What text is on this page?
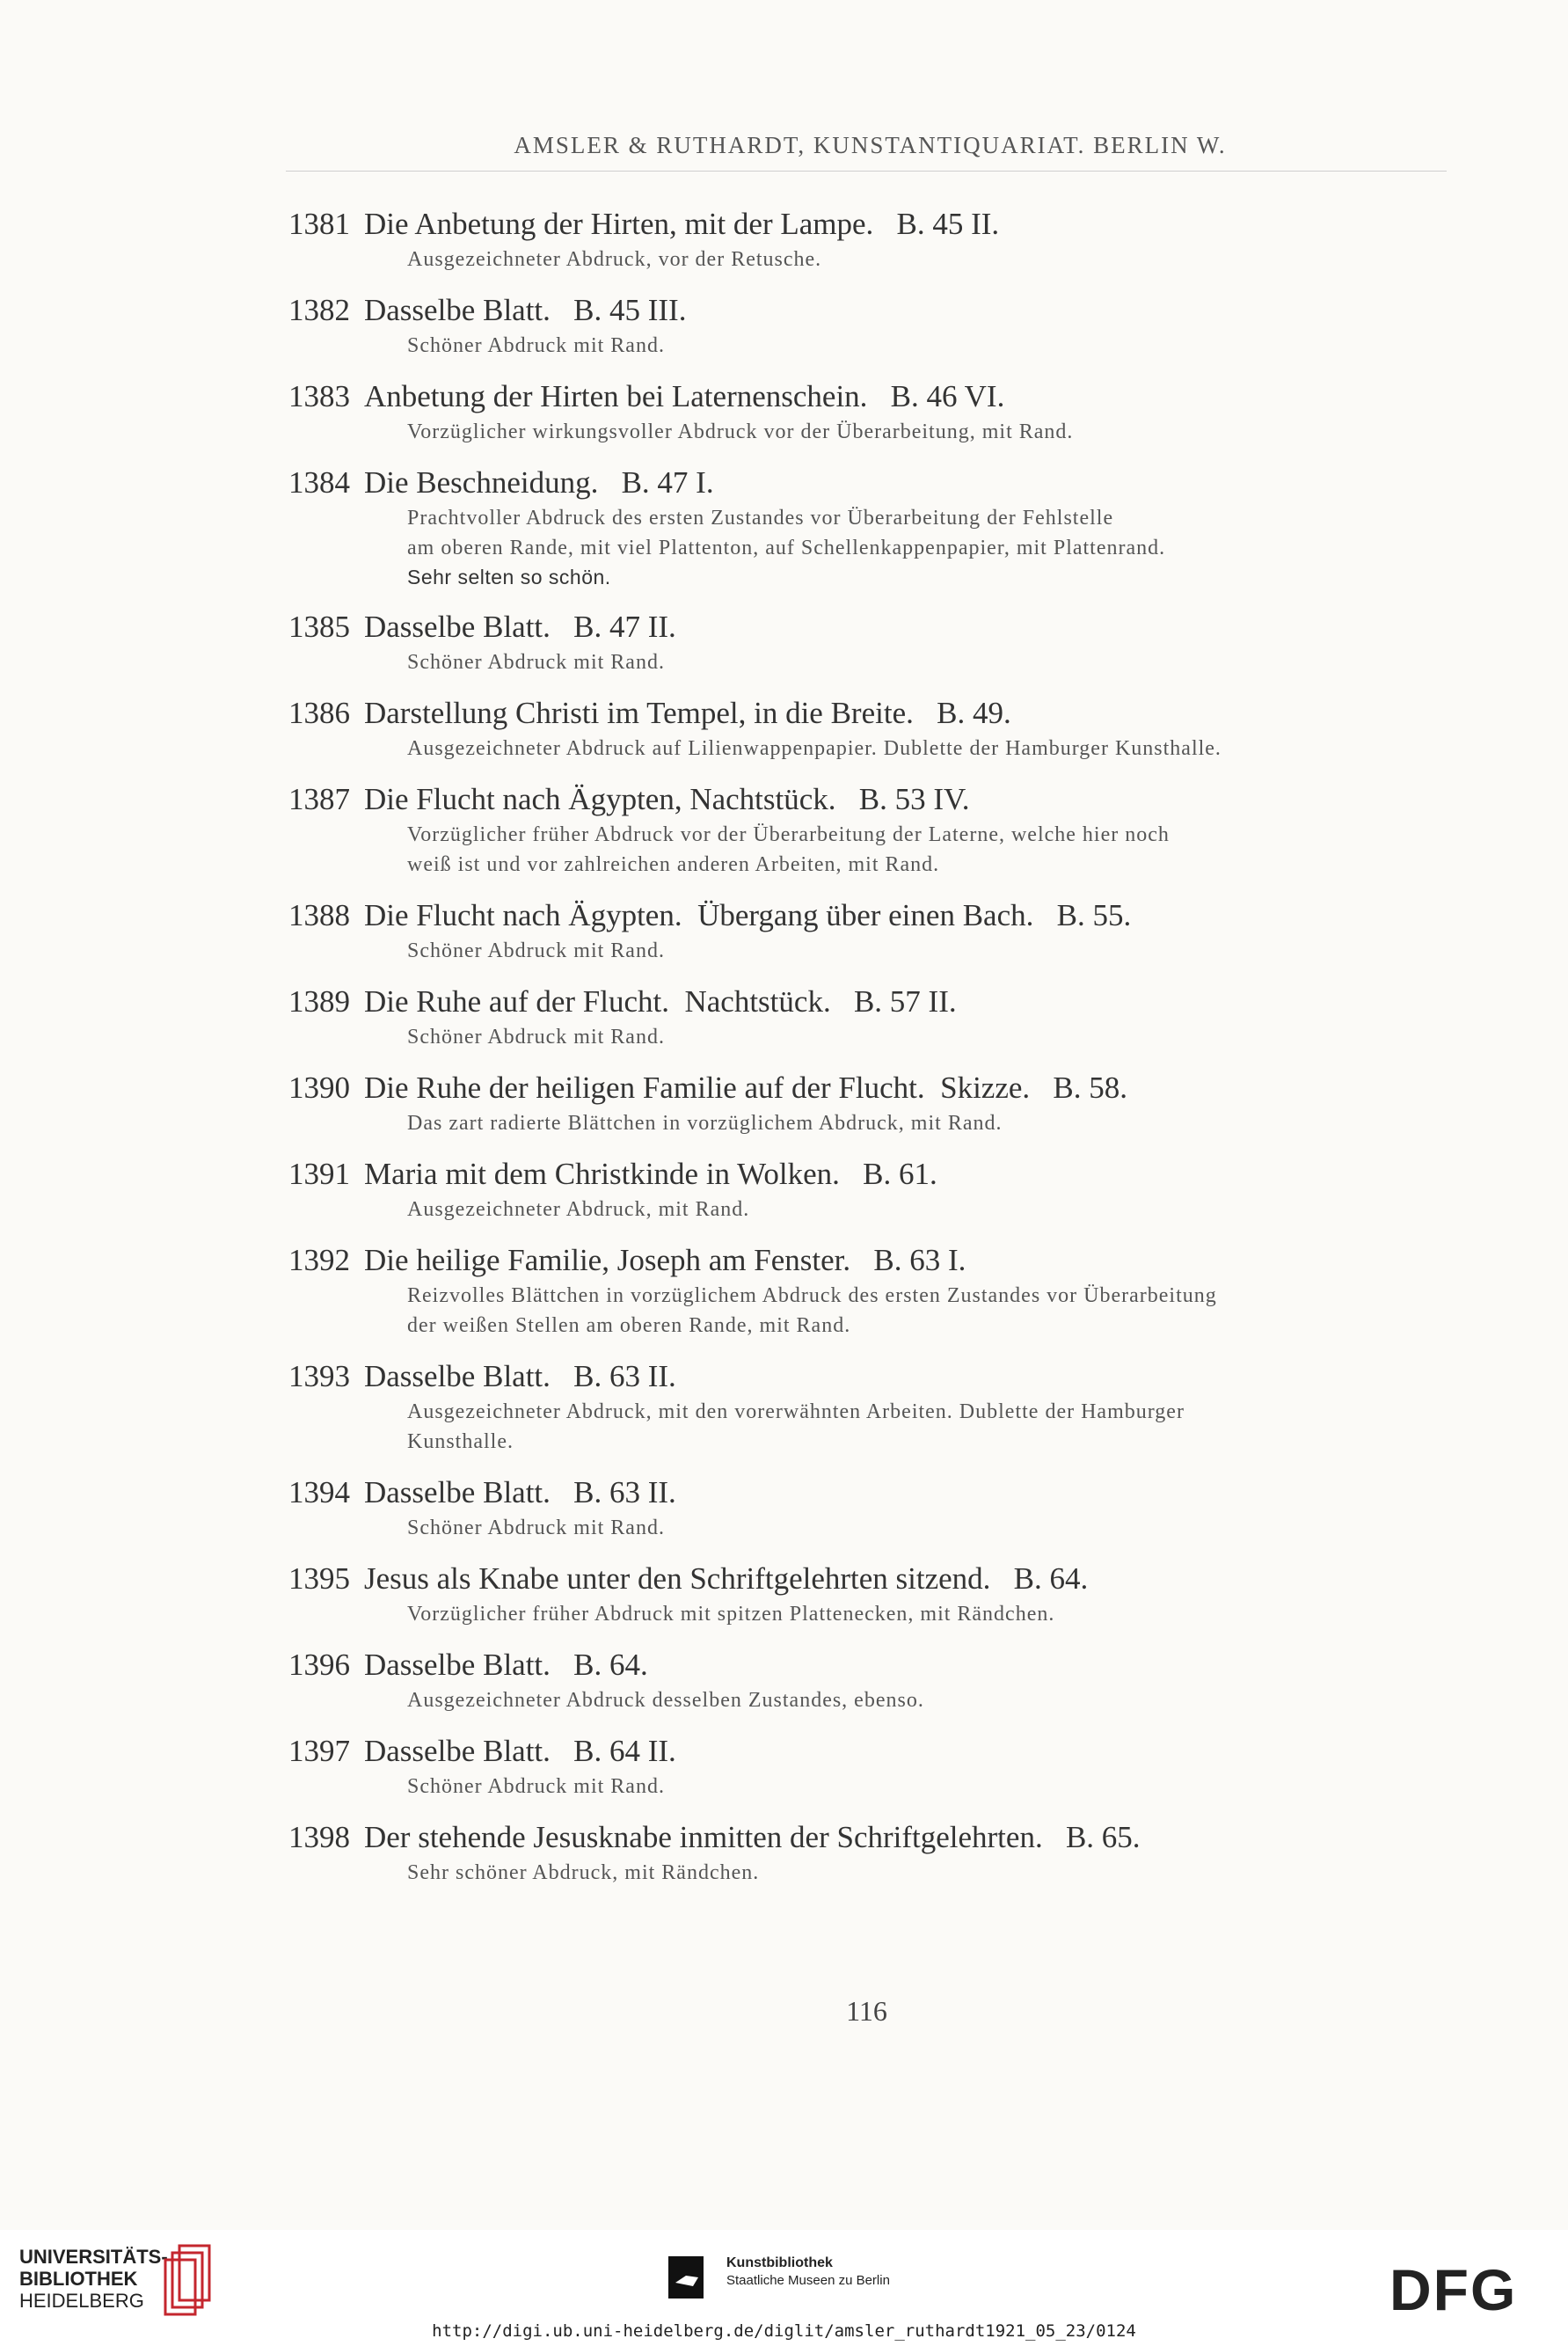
AMSLER & RUTHARDT, KUNSTANTIQUARIAT. BERLIN W.
1381 Die Anbetung der Hirten, mit der Lampe.   B. 45 II.
Ausgezeichneter Abdruck, vor der Retusche.
1382 Dasselbe Blatt.   B. 45 III.
Schöner Abdruck mit Rand.
1383 Anbetung der Hirten bei Laternenschein.   B. 46 VI.
Vorzüglicher wirkungsvoller Abdruck vor der Überarbeitung, mit Rand.
1384 Die Beschneidung.   B. 47 I.
Prachtvoller Abdruck des ersten Zustandes vor Überarbeitung der Fehlstelle
am oberen Rande, mit viel Plattenton, auf Schellenkappenpapier, mit Plattenrand.
Sehr selten so schön.
1385 Dasselbe Blatt.   B. 47 II.
Schöner Abdruck mit Rand.
1386 Darstellung Christi im Tempel, in die Breite.   B. 49.
Ausgezeichneter Abdruck auf Lilienwappenpapier. Dublette der Hamburger Kunsthalle.
1387 Die Flucht nach Ägypten, Nachtstück.   B. 53 IV.
Vorzüglicher früher Abdruck vor der Überarbeitung der Laterne, welche hier noch
weiß ist und vor zahlreichen anderen Arbeiten, mit Rand.
1388 Die Flucht nach Ägypten.  Übergang über einen Bach.   B. 55.
Schöner Abdruck mit Rand.
1389 Die Ruhe auf der Flucht.  Nachtstück.   B. 57 II.
Schöner Abdruck mit Rand.
1390 Die Ruhe der heiligen Familie auf der Flucht.  Skizze.   B. 58.
Das zart radierte Blättchen in vorzüglichem Abdruck, mit Rand.
1391 Maria mit dem Christkinde in Wolken.   B. 61.
Ausgezeichneter Abdruck, mit Rand.
1392 Die heilige Familie, Joseph am Fenster.   B. 63 I.
Reizvolles Blättchen in vorzüglichem Abdruck des ersten Zustandes vor Überarbeitung
der weißen Stellen am oberen Rande, mit Rand.
1393 Dasselbe Blatt.   B. 63 II.
Ausgezeichneter Abdruck, mit den vorerwähnten Arbeiten. Dublette der Hamburger
Kunsthalle.
1394 Dasselbe Blatt.   B. 63 II.
Schöner Abdruck mit Rand.
1395 Jesus als Knabe unter den Schriftgelehrten sitzend.   B. 64.
Vorzüglicher früher Abdruck mit spitzen Plattenecken, mit Rändchen.
1396 Dasselbe Blatt.   B. 64.
Ausgezeichneter Abdruck desselben Zustandes, ebenso.
1397 Dasselbe Blatt.   B. 64 II.
Schöner Abdruck mit Rand.
1398 Der stehende Jesusknabe inmitten der Schriftgelehrten.   B. 65.
Sehr schöner Abdruck, mit Rändchen.
116
UNIVERSITÄTS-
BIBLIOTHEK
HEIDELBERG
Kunstbibliothek
Staatliche Museen zu Berlin	DFG
http://digi.ub.uni-heidelberg.de/diglit/amsler_ruthardt1921_05_23/0124
